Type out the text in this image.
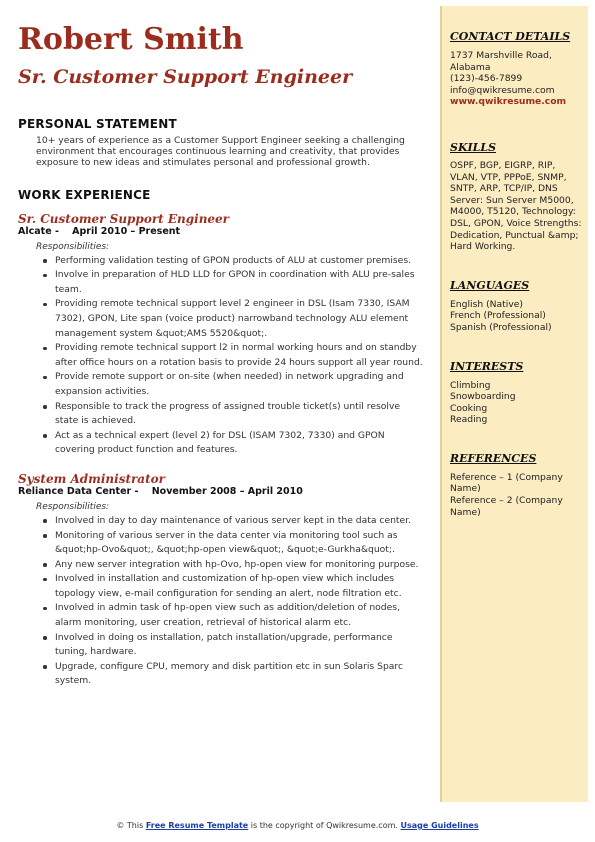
Robert Smith
Sr. Customer Support Engineer
PERSONAL STATEMENT
10+ years of experience as a Customer Support Engineer seeking a challenging environment that encourages continuous learning and creativity, that provides exposure to new ideas and stimulates personal and professional growth.
WORK EXPERIENCE
Sr. Customer Support Engineer
Alcate - April 2010 – Present
Responsibilities:
Performing validation testing of GPON products of ALU at customer premises.
Involve in preparation of HLD LLD for GPON in coordination with ALU pre-sales team.
Providing remote technical support level 2 engineer in DSL (Isam 7330, ISAM 7302), GPON, Lite span (voice product) narrowband technology ALU element management system &quot;AMS 5520&quot;.
Providing remote technical support l2 in normal working hours and on standby after office hours on a rotation basis to provide 24 hours support all year round.
Provide remote support or on-site (when needed) in network upgrading and expansion activities.
Responsible to track the progress of assigned trouble ticket(s) until resolve state is achieved.
Act as a technical expert (level 2) for DSL (ISAM 7302, 7330) and GPON covering product function and features.
System Administrator
Reliance Data Center - November 2008 – April 2010
Responsibilities:
Involved in day to day maintenance of various server kept in the data center.
Monitoring of various server in the data center via monitoring tool such as &quot;hp-Ovo&quot;, &quot;hp-open view&quot;, &quot;e-Gurkha&quot;.
Any new server integration with hp-Ovo, hp-open view for monitoring purpose.
Involved in installation and customization of hp-open view which includes topology view, e-mail configuration for sending an alert, node filtration etc.
Involved in admin task of hp-open view such as addition/deletion of nodes, alarm monitoring, user creation, retrieval of historical alarm etc.
Involved in doing os installation, patch installation/upgrade, performance tuning, hardware.
Upgrade, configure CPU, memory and disk partition etc in sun Solaris Sparc system.
CONTACT DETAILS
1737 Marshville Road,
Alabama
(123)-456-7899
info@qwikresume.com
www.qwikresume.com
SKILLS
OSPF, BGP, EIGRP, RIP, VLAN, VTP, PPPoE, SNMP, SNTP, ARP, TCP/IP, DNS Server: Sun Server M5000, M4000, T5120, Technology: DSL, GPON, Voice Strengths: Dedication, Punctual &amp; Hard Working.
LANGUAGES
English (Native)
French (Professional)
Spanish (Professional)
INTERESTS
Climbing
Snowboarding
Cooking
Reading
REFERENCES
Reference – 1 (Company Name)
Reference – 2 (Company Name)
© This Free Resume Template is the copyright of Qwikresume.com. Usage Guidelines
